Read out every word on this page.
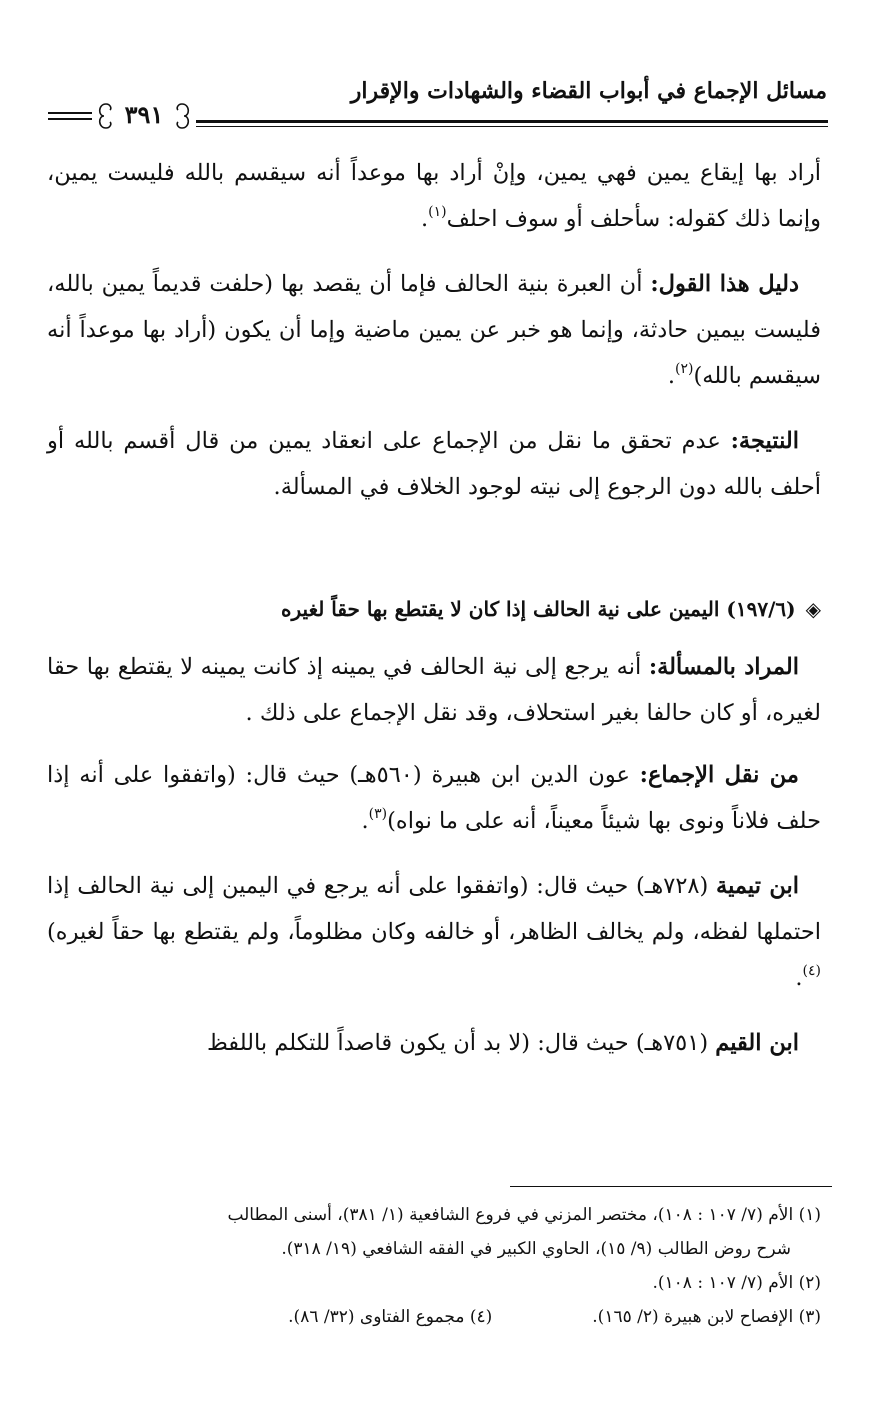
مسائل الإجماع في أبواب القضاء والشهادات والإقرار
٣٩١

أراد بها إيقاع يمين فهي يمين، وإنْ أراد بها موعداً أنه سيقسم بالله فليست يمين، وإنما ذلك كقوله: سأحلف أو سوف احلف$^{(١)}$.

دليل هذا القول: أن العبرة بنية الحالف فإما أن يقصد بها (حلفت قديماً يمين بالله، فليست بيمين حادثة، وإنما هو خبر عن يمين ماضية وإما أن يكون (أراد بها موعداً أنه سيقسم بالله)$^{(٢)}$.

النتيجة: عدم تحقق ما نقل من الإجماع على انعقاد يمين من قال أقسم بالله أو أحلف بالله دون الرجوع إلى نيته لوجود الخلاف في المسألة.

◈(١٩٧/٦) اليمين على نية الحالف إذا كان لا يقتطع بها حقاً لغيره

المراد بالمسألة: أنه يرجع إلى نية الحالف في يمينه إذ كانت يمينه لا يقتطع بها حقا لغيره، أو كان حالفا بغير استحلاف، وقد نقل الإجماع على ذلك .

من نقل الإجماع: عون الدين ابن هبيرة (٥٦٠هـ) حيث قال: (واتفقوا على أنه إذا حلف فلاناً ونوى بها شيئاً معيناً، أنه على ما نواه)$^{(٣)}$.

ابن تيمية (٧٢٨هـ) حيث قال: (واتفقوا على أنه يرجع في اليمين إلى نية الحالف إذا احتملها لفظه، ولم يخالف الظاهر، أو خالفه وكان مظلوماً، ولم يقتطع بها حقاً لغيره)$^{(٤)}$.

ابن القيم (٧٥١هـ) حيث قال: (لا بد أن يكون قاصداً للتكلم باللفظ

(١) الأم (٧/ ١٠٧ : ١٠٨)، مختصر المزني في فروع الشافعية (١/ ٣٨١)، أسنى المطالب

شرح روض الطالب (٩/ ١٥)، الحاوي الكبير في الفقه الشافعي (١٩/ ٣١٨).

(٢) الأم (٧/ ١٠٧ : ١٠٨).

(٣) الإفصاح لابن هبيرة (٢/ ١٦٥).
(٤) مجموع الفتاوى (٣٢/ ٨٦).
